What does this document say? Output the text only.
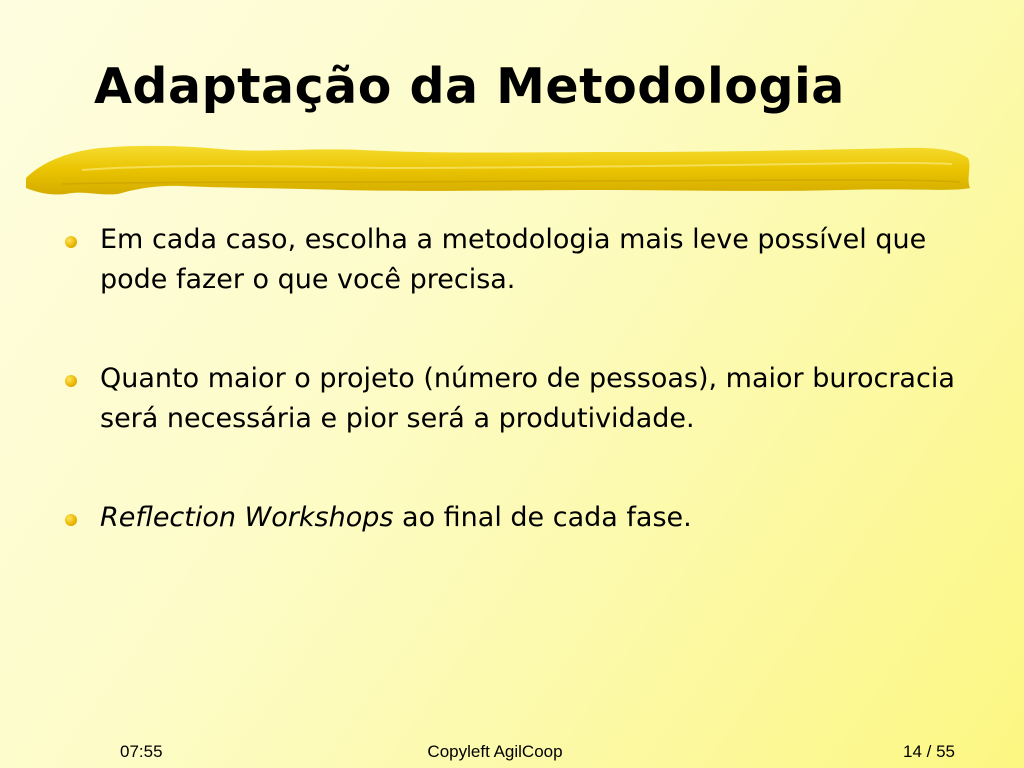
Adaptação da Metodologia
Em cada caso, escolha a metodologia mais leve possível que pode fazer o que você precisa.
Quanto maior o projeto (número de pessoas), maior burocracia será necessária e pior será a produtividade.
Reflection Workshops ao final de cada fase.
07:55	Copyleft AgilCoop	14 / 55
